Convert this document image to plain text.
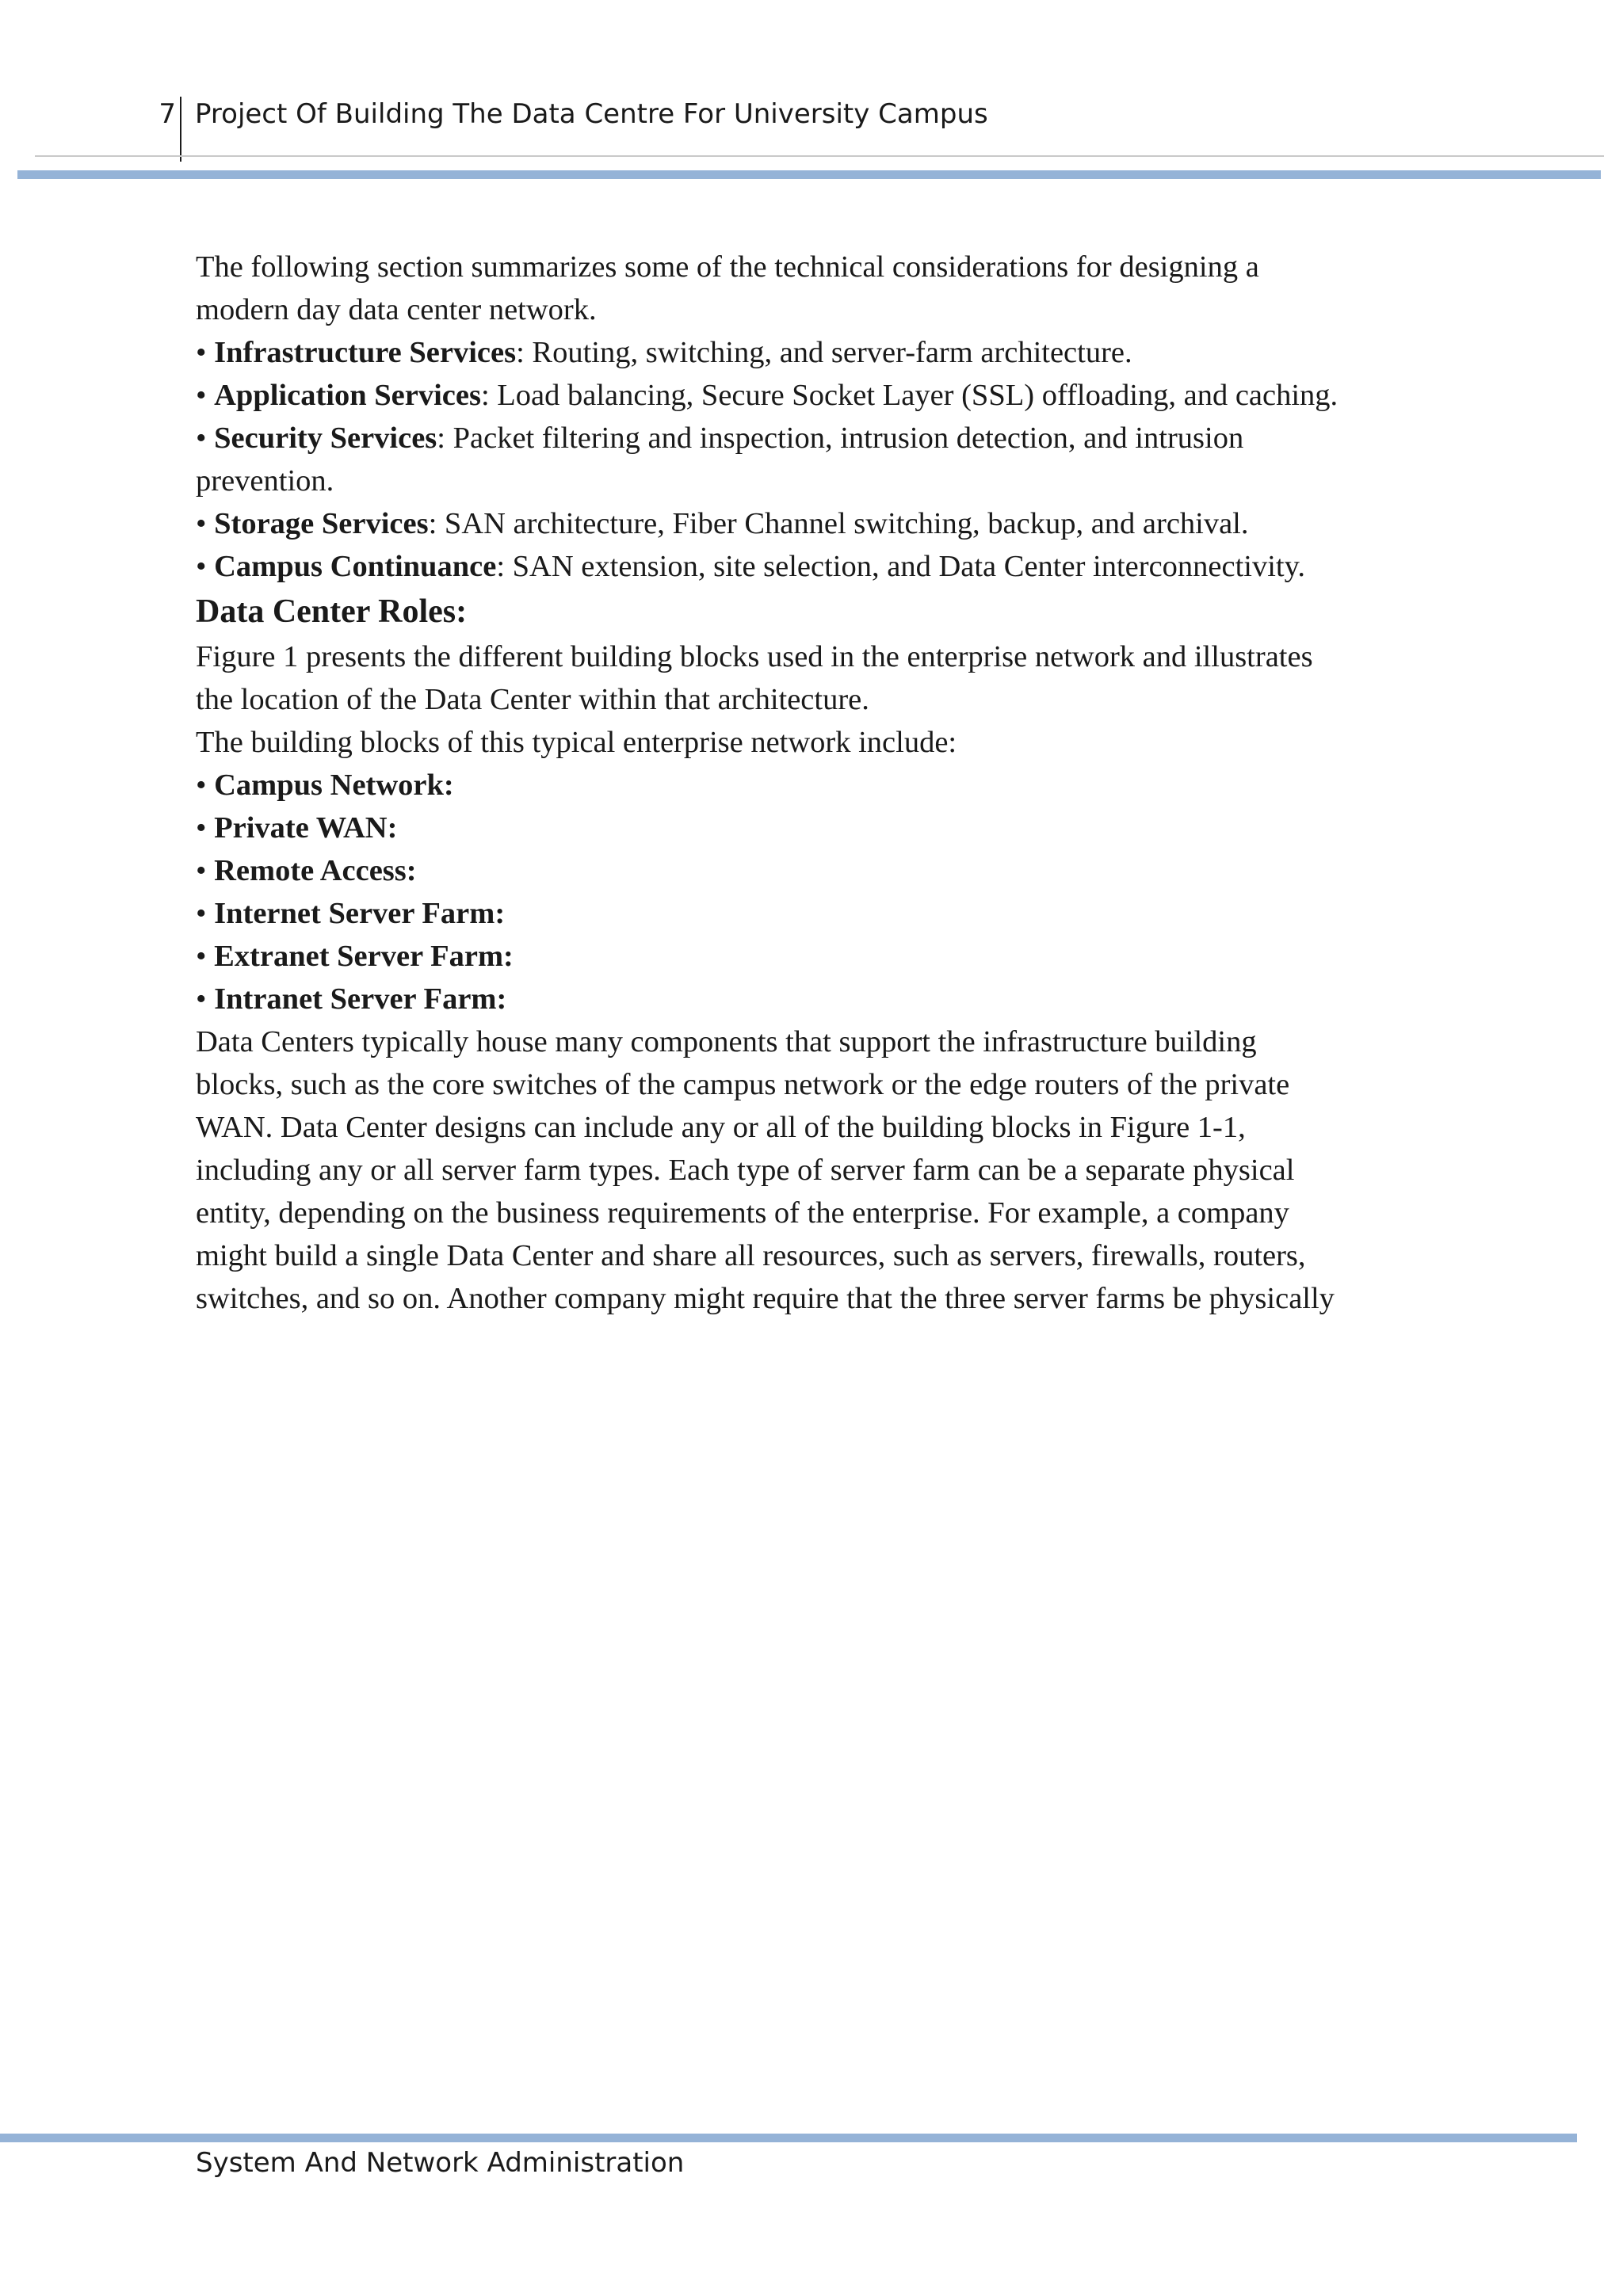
7 Project Of Building The Data Centre For University Campus
The following section summarizes some of the technical considerations for designing a
modern day data center network.
• Infrastructure Services: Routing, switching, and server-farm architecture.
• Application Services: Load balancing, Secure Socket Layer (SSL) offloading, and caching.
• Security Services: Packet filtering and inspection, intrusion detection, and intrusion
prevention.
• Storage Services: SAN architecture, Fiber Channel switching, backup, and archival.
• Campus Continuance: SAN extension, site selection, and Data Center interconnectivity.
Data Center Roles:
Figure 1 presents the different building blocks used in the enterprise network and illustrates
the location of the Data Center within that architecture.
The building blocks of this typical enterprise network include:
• Campus Network:
• Private WAN:
• Remote Access:
• Internet Server Farm:
• Extranet Server Farm:
• Intranet Server Farm:
Data Centers typically house many components that support the infrastructure building
blocks, such as the core switches of the campus network or the edge routers of the private
WAN. Data Center designs can include any or all of the building blocks in Figure 1-1,
including any or all server farm types. Each type of server farm can be a separate physical
entity, depending on the business requirements of the enterprise. For example, a company
might build a single Data Center and share all resources, such as servers, firewalls, routers,
switches, and so on. Another company might require that the three server farms be physically
System And Network Administration
